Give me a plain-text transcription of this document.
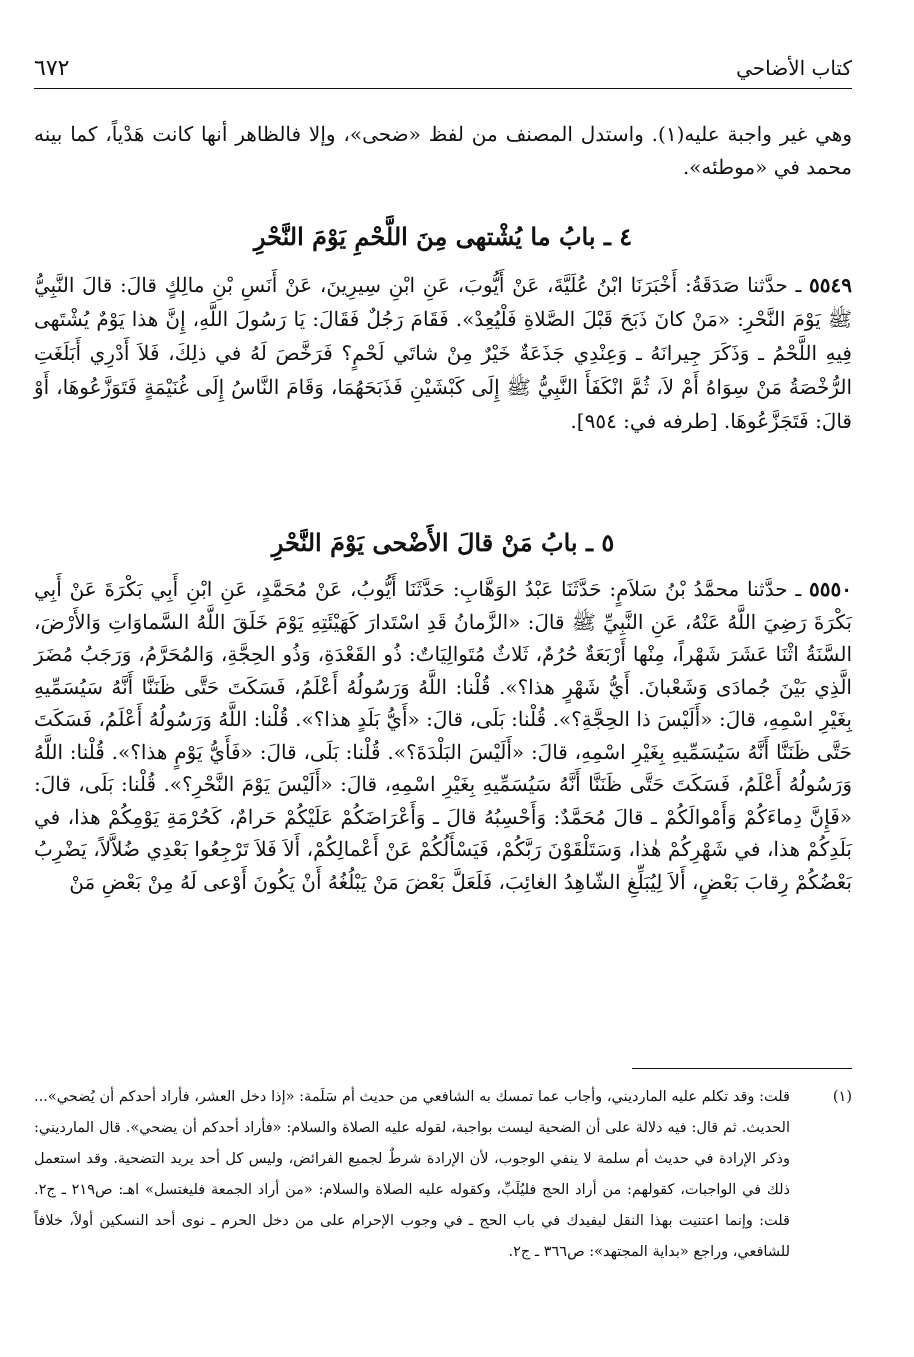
كتاب الأضاحي
٦٧٢

وهي غير واجبة عليه(١). واستدل المصنف من لفظ «ضحى»، وإلا فالظاهر أنها كانت هَدْياً، كما بينه محمد في «موطئه».

٤ ـ بابُ ما يُشْتهى مِنَ اللَّحْمِ يَوْمَ النَّحْرِ

٥٥٤٩ ـ حدَّثنا صَدَقَةُ: أَخْبَرَنَا ابْنُ عُلَيَّةَ، عَنْ أَيُّوبَ، عَنِ ابْنِ سِيرِينَ، عَنْ أَنَسِ بْنِ مالِكٍ قالَ: قالَ النَّبِيُّ ﷺ يَوْمَ النَّحْرِ: «مَنْ كانَ ذَبَحَ قَبْلَ الصَّلاةِ فَلْيُعِدْ». فَقَامَ رَجُلٌ فَقَالَ: يَا رَسُولَ اللَّهِ، إِنَّ هذا يَوْمٌ يُشْتَهى فِيهِ اللَّحْمُ ـ وَذَكَرَ جِيرانَهُ ـ وَعِنْدِي جَذَعَةٌ خَيْرٌ مِنْ شاتَي لَحْمٍ؟ فَرَخَّصَ لَهُ في ذلِكَ، فَلاَ أَدْرِي أَبَلَغَتِ الرُّخْصَةُ مَنْ سِوَاهُ أَمْ لاَ، ثُمَّ انْكَفَأَ النَّبِيُّ ﷺ إِلَى كَبْشَيْنِ فَذَبَحَهُمَا، وَقَامَ النَّاسُ إِلَى غُنَيْمَةٍ فَتَوَزَّعُوهَا، أَوْ قالَ: فَتَجَزَّعُوهَا. [طرفه في: ٩٥٤].

٥ ـ بابُ مَنْ قالَ الأَضْحى يَوْمَ النَّحْرِ

٥٥٥٠ ـ حدَّثنا محمَّدُ بْنُ سَلاَمٍ: حَدَّثَنَا عَبْدُ الوَهَّابِ: حَدَّثَنَا أَيُّوبُ، عَنْ مُحَمَّدٍ، عَنِ ابْنِ أَبِي بَكْرَةَ عَنْ أَبِي بَكْرَةَ رَضِيَ اللَّهُ عَنْهُ، عَنِ النَّبِيِّ ﷺ قالَ: «الزَّمانُ قَدِ اسْتَدارَ كَهَيْئَتِهِ يَوْمَ خَلَقَ اللَّهُ السَّماوَاتِ وَالأَرْضَ، السَّنَةُ اثْنَا عَشَرَ شَهْراً، مِنْها أَرْبَعَةٌ حُرُمٌ، ثَلاثٌ مُتَوالِيَاتٌ: ذُو القَعْدَةِ، وَذُو الحِجَّةِ، وَالمُحَرَّمُ، وَرَجَبُ مُضَرَ الَّذِي بَيْنَ جُمادَى وَشَعْبانَ. أَيُّ شَهْرٍ هذا؟». قُلْنا: اللَّهُ وَرَسُولُهُ أَعْلَمُ، فَسَكَتَ حَتَّى ظَنَنَّا أَنَّهُ سَيُسَمِّيهِ بِغَيْرِ اسْمِهِ، قالَ: «أَلَيْسَ ذا الحِجَّةِ؟». قُلْنا: بَلَى، قالَ: «أَيُّ بَلَدٍ هذا؟». قُلْنا: اللَّهُ وَرَسُولُهُ أَعْلَمُ، فَسَكَتَ حَتَّى ظَنَنَّا أَنَّهُ سَيُسَمِّيهِ بِغَيْرِ اسْمِهِ، قالَ: «أَلَيْسَ البَلْدَةَ؟». قُلْنا: بَلَى، قالَ: «فَأَيُّ يَوْمٍ هذا؟». قُلْنا: اللَّهُ وَرَسُولُهُ أَعْلَمُ، فَسَكَتَ حَتَّى ظَنَنَّا أَنَّهُ سَيُسَمِّيهِ بِغَيْرِ اسْمِهِ، قالَ: «أَلَيْسَ يَوْمَ النَّحْرِ؟». قُلْنا: بَلَى، قالَ: «فَإِنَّ دِماءَكُمْ وَأَمْوالَكُمْ ـ قالَ مُحَمَّدٌ: وَأَحْسِبُهُ قالَ ـ وَأَعْرَاضَكُمْ عَلَيْكُمْ حَرامٌ، كَحُرْمَةِ يَوْمِكُمْ هذا، في بَلَدِكُمْ هذا، في شَهْرِكُمْ هٰذا، وَسَتَلْقَوْنَ رَبَّكُمْ، فَيَسْأَلُكُمْ عَنْ أَعْمالِكُمْ، أَلاَ فَلاَ تَرْجِعُوا بَعْدِي ضُلاَّلاً، يَضْرِبُ بَعْضُكُمْ رِقابَ بَعْضٍ، أَلاَ لِيُبَلِّغِ الشّاهِدُ الغائِبَ، فَلَعَلَّ بَعْضَ مَنْ يَبْلُغُهُ أَنْ يَكُونَ أَوْعى لَهُ مِنْ بَعْضِ مَنْ

(١)
قلت: وقد تكلم عليه المارديني، وأجاب عما تمسك به الشافعي من حديث أم سَلَمة: «إذا دخل العشر، فأراد أحدكم أن يُضحي»... الحديث. ثم قال: فيه دلالة على أن الضحية ليست بواجبة، لقوله عليه الصلاة والسلام: «فأراد أحدكم أن يضحي». قال المارديني: وذكر الإرادة في حديث أم سلمة لا ينفي الوجوب، لأن الإرادة شرطٌ لجميع الفرائض، وليس كل أحد يريد التضحية. وقد استعمل ذلك في الواجبات، كقولهم: من أراد الحج فليُلَبِّ، وكقوله عليه الصلاة والسلام: «من أراد الجمعة فليغتسل» اهـ: ص٢١٩ ـ ج٢. قلت: وإنما اعتنيت بهذا النقل ليفيدك في باب الحج ـ في وجوب الإحرام على من دخل الحرم ـ نوى أحد النسكين أولاً، خلافاً للشافعي، وراجع «بداية المجتهد»: ص٣٦٦ ـ ج٢.
